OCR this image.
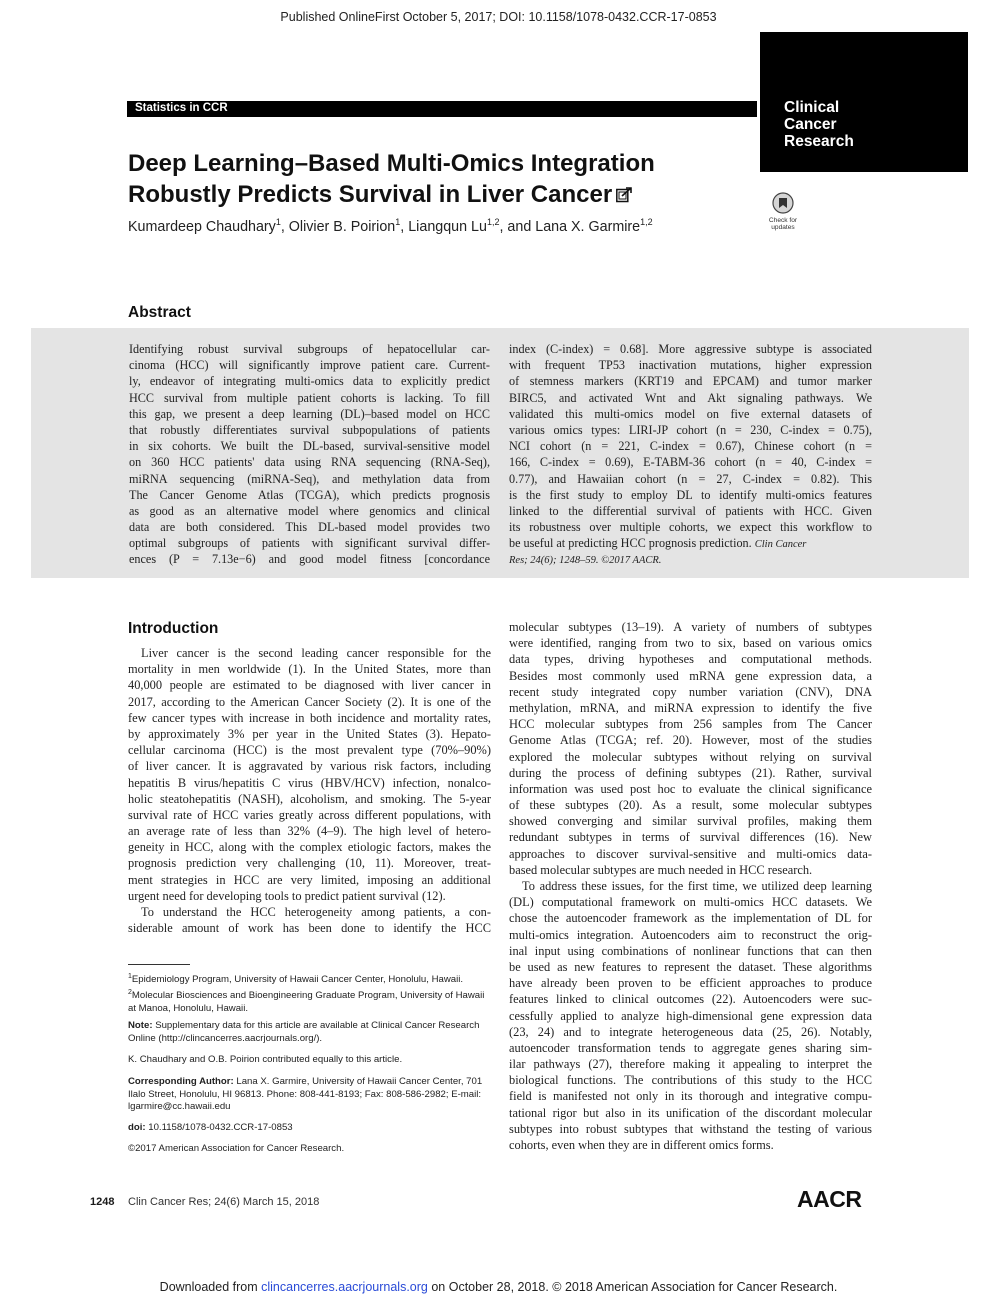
Published OnlineFirst October 5, 2017; DOI: 10.1158/1078-0432.CCR-17-0853
Statistics in CCR	Clinical
Cancer
Research
Deep Learning–Based Multi-Omics Integration
Robustly Predicts Survival in Liver Cancer
Kumardeep Chaudhary$^1$, Olivier B. Poirion$^1$, Liangqun Lu$^{1,2}$, and Lana X. Garmire$^{1,2}$	Check for
updates
Abstract
Identifying robust survival subgroups of hepatocellular car-
cinoma (HCC) will significantly improve patient care. Current-
ly, endeavor of integrating multi-omics data to explicitly predict
HCC survival from multiple patient cohorts is lacking. To fill
this gap, we present a deep learning (DL)–based model on HCC
that robustly differentiates survival subpopulations of patients
in six cohorts. We built the DL-based, survival-sensitive model
on 360 HCC patients' data using RNA sequencing (RNA-Seq),
miRNA sequencing (miRNA-Seq), and methylation data from
The Cancer Genome Atlas (TCGA), which predicts prognosis
as good as an alternative model where genomics and clinical
data are both considered. This DL-based model provides two
optimal subgroups of patients with significant survival differ-
ences (P = 7.13e−6) and good model fitness [concordance
index (C-index) = 0.68]. More aggressive subtype is associated
with frequent TP53 inactivation mutations, higher expression
of stemness markers (KRT19 and EPCAM) and tumor marker
BIRC5, and activated Wnt and Akt signaling pathways. We
validated this multi-omics model on five external datasets of
various omics types: LIRI-JP cohort (n = 230, C-index = 0.75),
NCI cohort (n = 221, C-index = 0.67), Chinese cohort (n =
166, C-index = 0.69), E-TABM-36 cohort (n = 40, C-index =
0.77), and Hawaiian cohort (n = 27, C-index = 0.82). This
is the first study to employ DL to identify multi-omics features
linked to the differential survival of patients with HCC. Given
its robustness over multiple cohorts, we expect this workflow to
be useful at predicting HCC prognosis prediction. Clin Cancer
Res; 24(6); 1248–59. ©2017 AACR.
Introduction
Liver cancer is the second leading cancer responsible for the
mortality in men worldwide (1). In the United States, more than
40,000 people are estimated to be diagnosed with liver cancer in
2017, according to the American Cancer Society (2). It is one of the
few cancer types with increase in both incidence and mortality rates,
by approximately 3% per year in the United States (3). Hepato-
cellular carcinoma (HCC) is the most prevalent type (70%–90%)
of liver cancer. It is aggravated by various risk factors, including
hepatitis B virus/hepatitis C virus (HBV/HCV) infection, nonalco-
holic steatohepatitis (NASH), alcoholism, and smoking. The 5-year
survival rate of HCC varies greatly across different populations, with
an average rate of less than 32% (4–9). The high level of hetero-
geneity in HCC, along with the complex etiologic factors, makes the
prognosis prediction very challenging (10, 11). Moreover, treat-
ment strategies in HCC are very limited, imposing an additional
urgent need for developing tools to predict patient survival (12).
To understand the HCC heterogeneity among patients, a con-
siderable amount of work has been done to identify the HCC
molecular subtypes (13–19). A variety of numbers of subtypes
were identified, ranging from two to six, based on various omics
data types, driving hypotheses and computational methods.
Besides most commonly used mRNA gene expression data, a
recent study integrated copy number variation (CNV), DNA
methylation, mRNA, and miRNA expression to identify the five
HCC molecular subtypes from 256 samples from The Cancer
Genome Atlas (TCGA; ref. 20). However, most of the studies
explored the molecular subtypes without relying on survival
during the process of defining subtypes (21). Rather, survival
information was used post hoc to evaluate the clinical significance
of these subtypes (20). As a result, some molecular subtypes
showed converging and similar survival profiles, making them
redundant subtypes in terms of survival differences (16). New
approaches to discover survival-sensitive and multi-omics data-
based molecular subtypes are much needed in HCC research.
To address these issues, for the first time, we utilized deep learning
(DL) computational framework on multi-omics HCC datasets. We
chose the autoencoder framework as the implementation of DL for
multi-omics integration. Autoencoders aim to reconstruct the orig-
inal input using combinations of nonlinear functions that can then
be used as new features to represent the dataset. These algorithms
have already been proven to be efficient approaches to produce
features linked to clinical outcomes (22). Autoencoders were suc-
cessfully applied to analyze high-dimensional gene expression data
(23, 24) and to integrate heterogeneous data (25, 26). Notably,
autoencoder transformation tends to aggregate genes sharing sim-
ilar pathways (27), therefore making it appealing to interpret the
biological functions. The contributions of this study to the HCC
field is manifested not only in its thorough and integrative compu-
tational rigor but also in its unification of the discordant molecular
subtypes into robust subtypes that withstand the testing of various
cohorts, even when they are in different omics forms.
$^1$Epidemiology Program, University of Hawaii Cancer Center, Honolulu, Hawaii.
$^2$Molecular Biosciences and Bioengineering Graduate Program, University of Hawaii at Manoa, Honolulu, Hawaii.
Note: Supplementary data for this article are available at Clinical Cancer Research Online (http://clincancerres.aacrjournals.org/).
K. Chaudhary and O.B. Poirion contributed equally to this article.
Corresponding Author: Lana X. Garmire, University of Hawaii Cancer Center, 701 Ilalo Street, Honolulu, HI 96813. Phone: 808-441-8193; Fax: 808-586-2982; E-mail: lgarmire@cc.hawaii.edu
doi: 10.1158/1078-0432.CCR-17-0853
©2017 American Association for Cancer Research.
1248 Clin Cancer Res; 24(6) March 15, 2018	AACR
Downloaded from clincancerres.aacrjournals.org on October 28, 2018. © 2018 American Association for Cancer Research.
